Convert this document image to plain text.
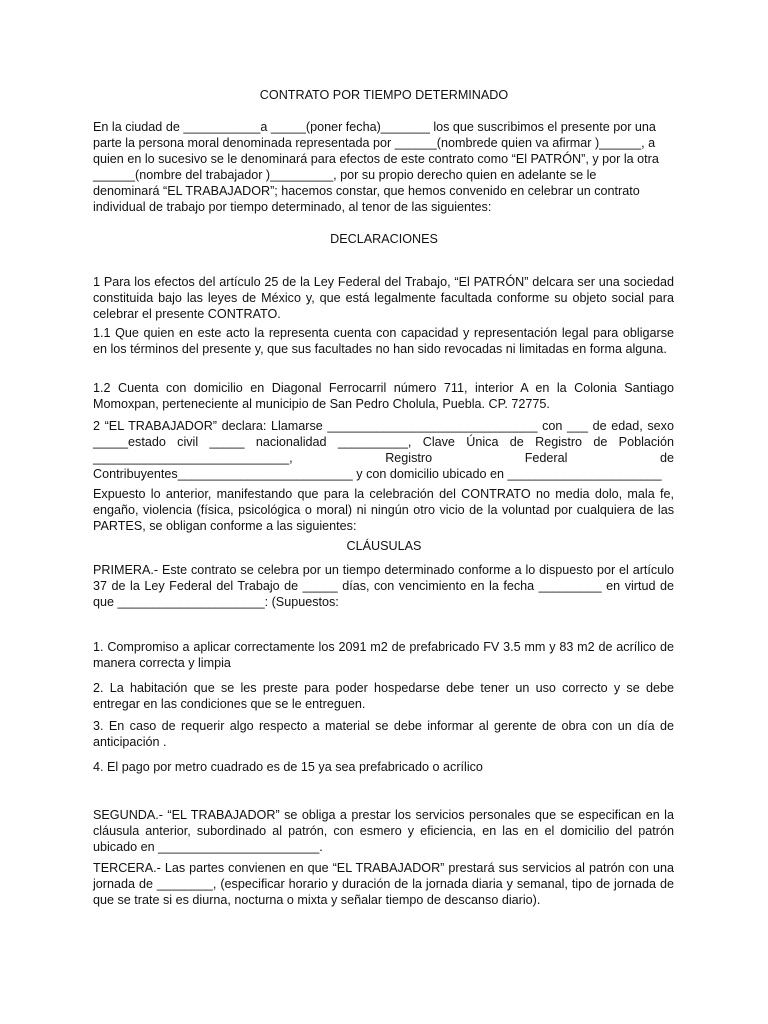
CONTRATO POR TIEMPO DETERMINADO
En la ciudad de ___________a _____(poner fecha)_______ los que suscribimos el presente por una
parte la persona moral denominada representada por ______(nombrede quien va afirmar )______, a
quien en lo sucesivo se le denominará para efectos de este contrato como “El PATRÓN”, y por la otra
______(nombre del trabajador )_________, por su propio derecho quien en adelante se le
denominará “EL TRABAJADOR”; hacemos constar, que hemos convenido en celebrar un contrato
individual de trabajo por tiempo determinado, al tenor de las siguientes:
DECLARACIONES

1 Para los efectos del artículo 25 de la Ley Federal del Trabajo, “El PATRÓN” delcara ser una sociedad constituida bajo las leyes de México y, que está legalmente facultada conforme su objeto social para celebrar el presente CONTRATO.

1.1 Que quien en este acto la representa cuenta con capacidad y representación legal para obligarse en los términos del presente y, que sus facultades no han sido revocadas ni limitadas en forma alguna.

1.2 Cuenta con domicilio en Diagonal Ferrocarril número 711, interior A en la Colonia Santiago Momoxpan, perteneciente al municipio de San Pedro Cholula, Puebla. CP. 72775.

2 “EL TRABAJADOR” declara: Llamarse ______________________________ con ___ de edad, sexo
_____estado civil _____ nacionalidad __________, Clave Única de Registro de Población
____________________________, Registro Federal de
Contribuyentes_________________________ y con domicilio ubicado en ______________________

Expuesto lo anterior, manifestando que para la celebración del CONTRATO no media dolo, mala fe, engaño, violencia (física, psicológica o moral) ni ningún otro vicio de la voluntad por cualquiera de las PARTES, se obligan conforme a las siguientes:

CLÁUSULAS

PRIMERA.- Este contrato se celebra por un tiempo determinado conforme a lo dispuesto por el artículo 37 de la Ley Federal del Trabajo de _____ días, con vencimiento en la fecha _________ en virtud de que _____________________: (Supuestos:

1. Compromiso a aplicar correctamente los 2091 m2 de prefabricado FV 3.5 mm y 83 m2 de acrílico de manera correcta y limpia

2. La habitación que se les preste para poder hospedarse debe tener un uso correcto y se debe entregar en las condiciones que se le entreguen.

3. En caso de requerir algo respecto a material se debe informar al gerente de obra con un día de anticipación .

4. El pago por metro cuadrado es de 15 ya sea prefabricado o acrílico

SEGUNDA.- “EL TRABAJADOR” se obliga a prestar los servicios personales que se especifican en la cláusula anterior, subordinado al patrón, con esmero y eficiencia, en las en el domicilio del patrón ubicado en _______________________.

TERCERA.- Las partes convienen en que “EL TRABAJADOR” prestará sus servicios al patrón con una jornada de ________, (especificar horario y duración de la jornada diaria y semanal, tipo de jornada de que se trate si es diurna, nocturna o mixta y señalar tiempo de descanso diario).
